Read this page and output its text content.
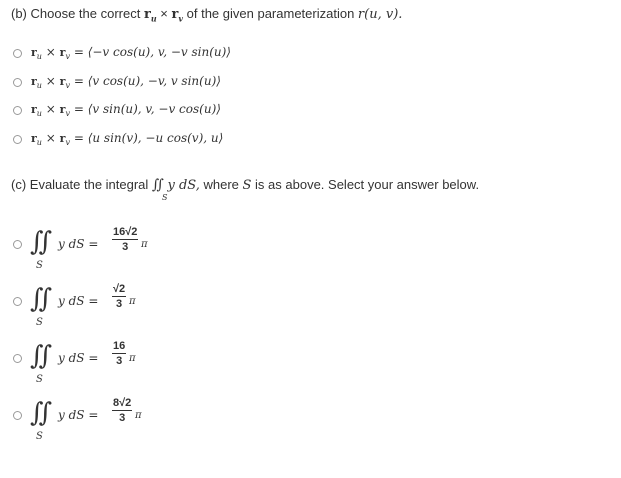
(b) Choose the correct $r_u \times r_v$ of the given parameterization r(u, v).
$r_u \times r_v$ = ⟨−v cos(u), v, −v sin(u)⟩
$r_u \times r_v$ = ⟨v cos(u), −v, v sin(u)⟩
$r_u \times r_v$ = ⟨v sin(u), v, −v cos(u)⟩
$r_u \times r_v$ = ⟨u sin(v), −u cos(v), u⟩
(c) Evaluate the integral ∬ y dS, where S is as above. Select your answer below.
S
∬
S
y dS = $\frac{16√2}{3}$ π
∬
S
y dS = $\frac{√2}{3}$ π
∬
S
y dS = $\frac{16}{3}$ π
∬
S
y dS = $\frac{8√2}{3}$ π
